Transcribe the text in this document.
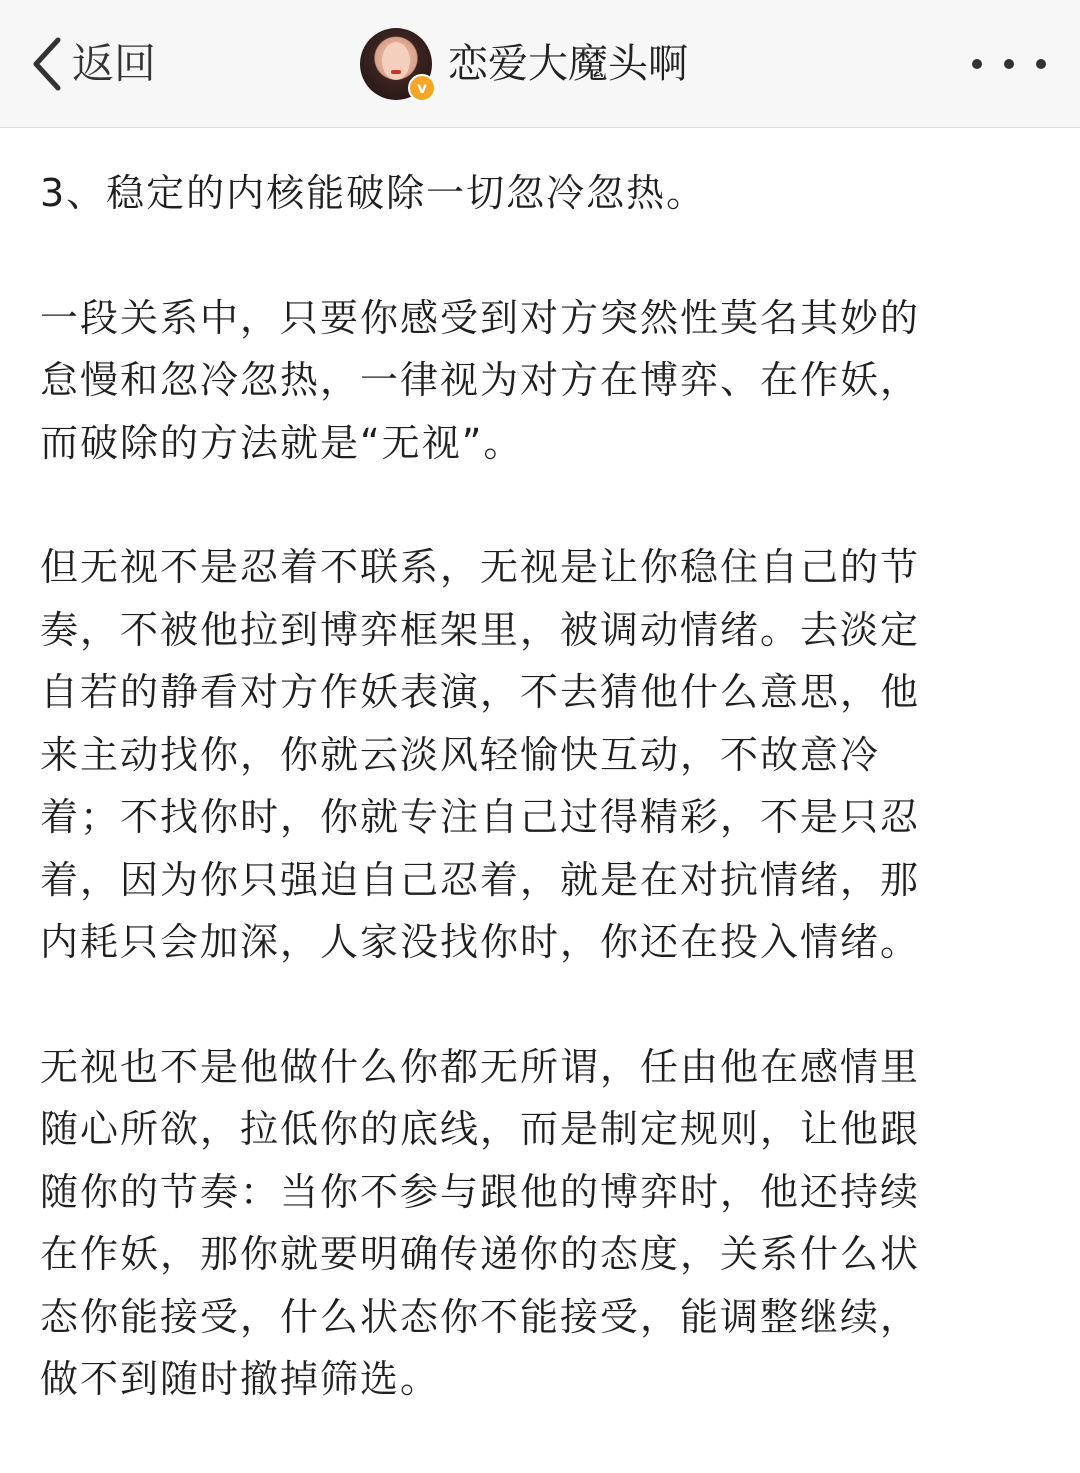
返回	v
恋爱大魔头啊

3、稳定的内核能破除一切忽冷忽热。

一段关系中，只要你感受到对方突然性莫名其妙的
怠慢和忽冷忽热，一律视为对方在博弈、在作妖，
而破除的方法就是“无视”。

但无视不是忍着不联系，无视是让你稳住自己的节
奏，不被他拉到博弈框架里，被调动情绪。去淡定
自若的静看对方作妖表演，不去猜他什么意思，他
来主动找你，你就云淡风轻愉快互动，不故意冷
着；不找你时，你就专注自己过得精彩，不是只忍
着，因为你只强迫自己忍着，就是在对抗情绪，那
内耗只会加深，人家没找你时，你还在投入情绪。

无视也不是他做什么你都无所谓，任由他在感情里
随心所欲，拉低你的底线，而是制定规则，让他跟
随你的节奏：当你不参与跟他的博弈时，他还持续
在作妖，那你就要明确传递你的态度，关系什么状
态你能接受，什么状态你不能接受，能调整继续，
做不到随时撤掉筛选。
